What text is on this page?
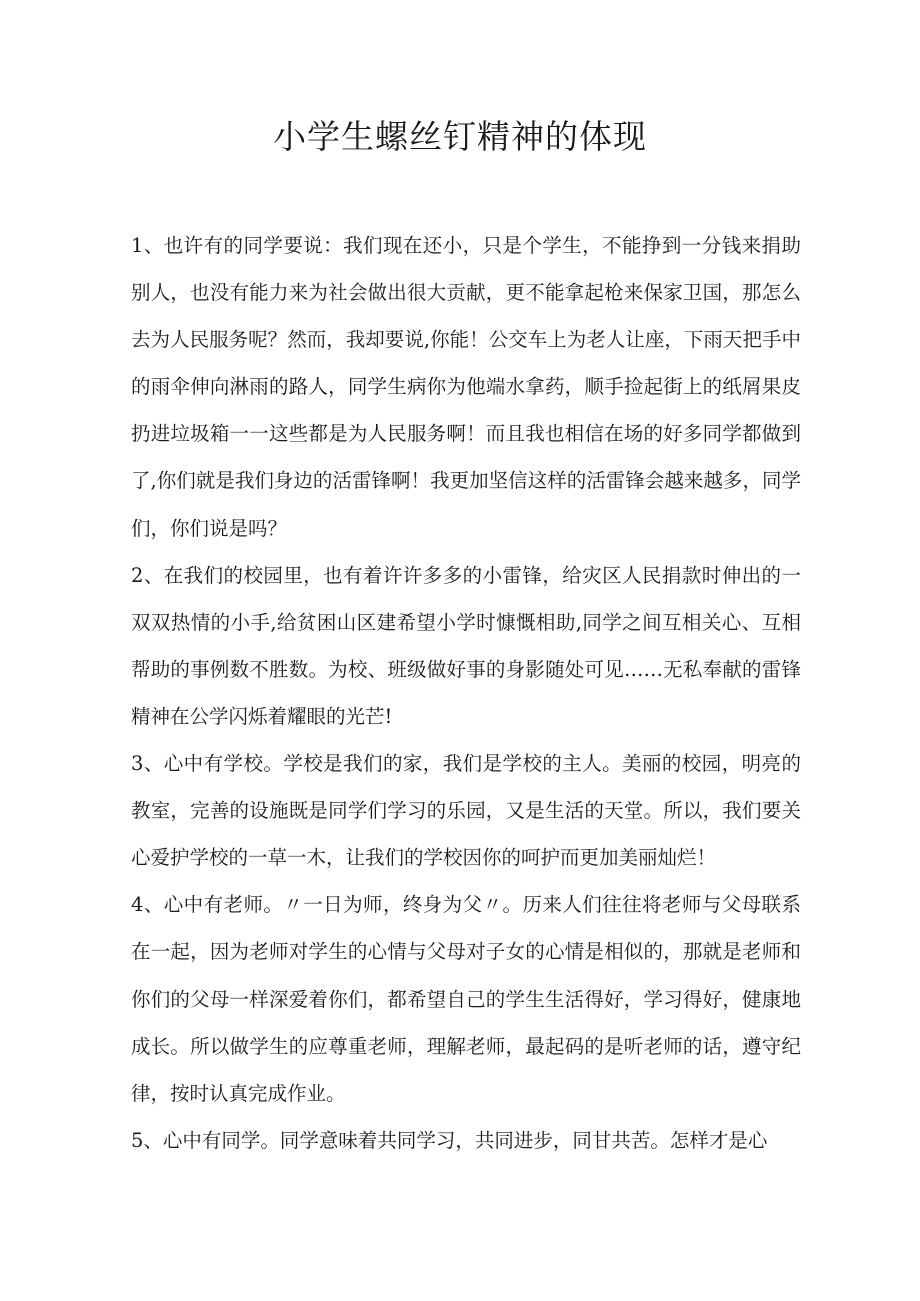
小学生螺丝钉精神的体现

1、也许有的同学要说：我们现在还小，只是个学生，不能挣到一分钱来捐助别人，也没有能力来为社会做出很大贡献，更不能拿起枪来保家卫国，那怎么去为人民服务呢？然而，我却要说,你能！公交车上为老人让座，下雨天把手中的雨伞伸向淋雨的路人，同学生病你为他端水拿药，顺手捡起街上的纸屑果皮扔进垃圾箱一一这些都是为人民服务啊！而且我也相信在场的好多同学都做到了,你们就是我们身边的活雷锋啊！我更加坚信这样的活雷锋会越来越多，同学们，你们说是吗？

2、在我们的校园里，也有着许许多多的小雷锋，给灾区人民捐款时伸出的一双双热情的小手,给贫困山区建希望小学时慷慨相助,同学之间互相关心、互相帮助的事例数不胜数。为校、班级做好事的身影随处可见……无私奉献的雷锋精神在公学闪烁着耀眼的光芒!

3、心中有学校。学校是我们的家，我们是学校的主人。美丽的校园，明亮的教室，完善的设施既是同学们学习的乐园，又是生活的天堂。所以，我们要关心爱护学校的一草一木，让我们的学校因你的呵护而更加美丽灿烂！

4、心中有老师。〃一日为师，终身为父〃。历来人们往往将老师与父母联系在一起，因为老师对学生的心情与父母对子女的心情是相似的，那就是老师和你们的父母一样深爱着你们，都希望自己的学生生活得好，学习得好，健康地成长。所以做学生的应尊重老师，理解老师，最起码的是听老师的话，遵守纪律，按时认真完成作业。

5、心中有同学。同学意味着共同学习，共同进步，同甘共苦。怎样才是心
